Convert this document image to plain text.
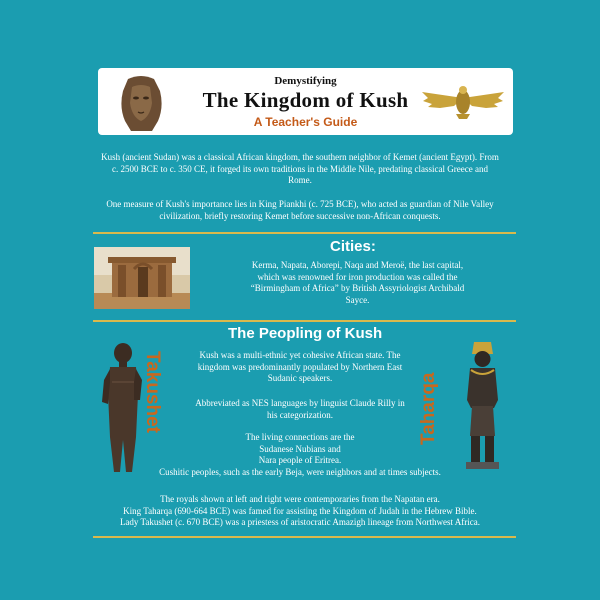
Demystifying
The Kingdom of Kush
A Teacher's Guide

Kush (ancient Sudan) was a classical African kingdom, the southern neighbor of Kemet (ancient Egypt). From c. 2500 BCE to c. 350 CE, it forged its own traditions in the Middle Nile, predating classical Greece and Rome.

One measure of Kush's importance lies in King Piankhi (c. 725 BCE), who acted as guardian of Nile Valley civilization, briefly restoring Kemet before successive non-African conquests.

Cities:

Kerma, Napata, Aborepi, Naqa and Meroë, the last capital, which was renowned for iron production was called the “Birmingham of Africa” by British Assyriologist Archibald Sayce.

The Peopling of Kush
Takushet	Kush was a multi-ethnic yet cohesive African state. The kingdom was predominantly populated by Northern East Sudanic speakers.

Abbreviated as NES languages by linguist Claude Rilly in his categorization.

The living connections are the
Sudanese Nubians and
Nara people of Eritrea.

Cushitic peoples, such as the early Beja, were neighbors and at times subjects.

Taharqa
The royals shown at left and right were contemporaries from the Napatan era.
King Taharqa (690-664 BCE) was famed for assisting the Kingdom of Judah in the Hebrew Bible.
Lady Takushet (c. 670 BCE) was a priestess of aristocratic Amazigh lineage from Northwest Africa.
